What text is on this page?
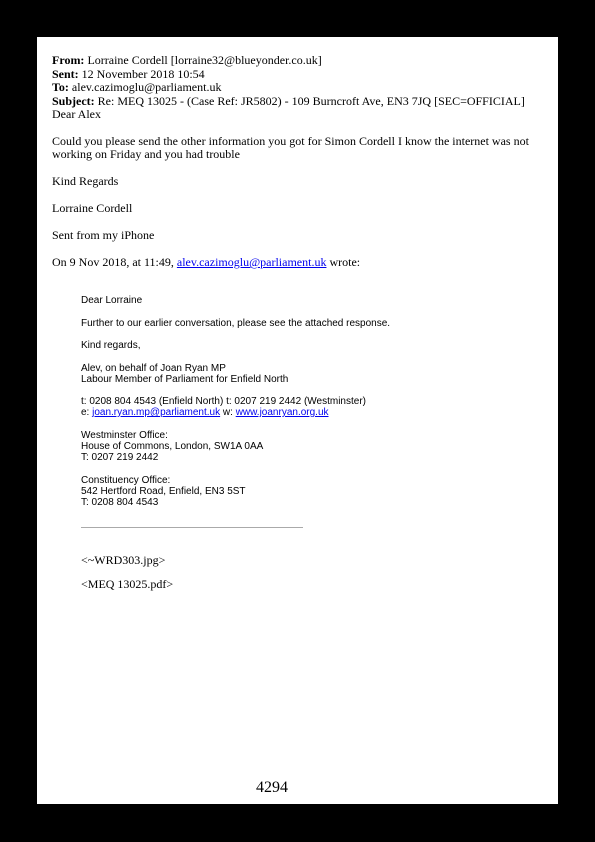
From: Lorraine Cordell [lorraine32@blueyonder.co.uk]

Sent: 12 November 2018 10:54

To: alev.cazimoglu@parliament.uk

Subject: Re: MEQ 13025 - (Case Ref: JR5802) - 109 Burncroft Ave, EN3 7JQ [SEC=OFFICIAL]

Dear Alex

Could you please send the other information you got for Simon Cordell I know the internet was not

working on Friday and you had trouble

Kind Regards

Lorraine Cordell

Sent from my iPhone

On 9 Nov 2018, at 11:49, alev.cazimoglu@parliament.uk wrote:

Dear Lorraine

Further to our earlier conversation, please see the attached response.

Kind regards,

Alev, on behalf of Joan Ryan MP

Labour Member of Parliament for Enfield North

t: 0208 804 4543 (Enfield North) t: 0207 219 2442 (Westminster)

e: joan.ryan.mp@parliament.uk w: www.joanryan.org.uk

Westminster Office:

House of Commons, London, SW1A 0AA

T: 0207 219 2442

Constituency Office:

542 Hertford Road, Enfield, EN3 5ST

T: 0208 804 4543

<~WRD303.jpg>

<MEQ 13025.pdf>

4294
